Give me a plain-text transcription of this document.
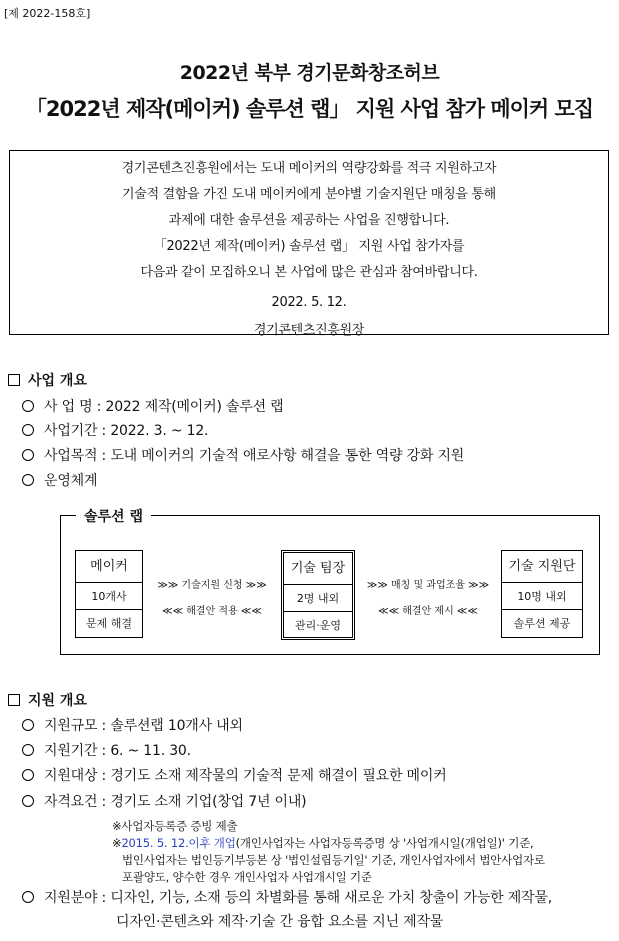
[제 2022-158호]
2022년 북부 경기문화창조허브
「2022년 제작(메이커) 솔루션 랩」 지원 사업 참가 메이커 모집
경기콘텐츠진흥원에서는 도내 메이커의 역량강화를 적극 지원하고자
기술적 결함을 가진 도내 메이커에게 분야별 기술지원단 매칭을 통해
과제에 대한 솔루션을 제공하는 사업을 진행합니다.
「2022년 제작(메이커) 솔루션 랩」 지원 사업 참가자를
다음과 같이 모집하오니 본 사업에 많은 관심과 참여바랍니다.
2022. 5. 12.
경기콘텐츠진흥원장
사업 개요
사 업 명 : 2022 제작(메이커) 솔루션 랩
사업기간 : 2022. 3. ~ 12.
사업목적 : 도내 메이커의 기술적 애로사항 해결을 통한 역량 강화 지원
운영체계
솔루션 랩
메이커
10개사
문제 해결
≫≫ 기술지원 신청 ≫≫
≪≪ 해결안 적용 ≪≪
기술 팀장
2명 내외
관리·운영
≫≫ 매칭 및 과업조율 ≫≫
≪≪ 해결안 제시 ≪≪
기술 지원단
10명 내외
솔루션 제공
지원 개요
지원규모 : 솔루션랩 10개사 내외
지원기간 : 6. ~ 11. 30.
지원대상 : 경기도 소재 제작물의 기술적 문제 해결이 필요한 메이커
자격요건 : 경기도 소재 기업(창업 7년 이내)
※사업자등록증 증빙 제출
※2015. 5. 12.이후 개업(개인사업자는 사업자등록증명 상 '사업개시일(개업일)' 기준,
법인사업자는 법인등기부등본 상 '법인설립등기일' 기준, 개인사업자에서 법안사업자로
포괄양도, 양수한 경우 개인사업자 사업개시일 기준
지원분야 : 디자인, 기능, 소재 등의 차별화를 통해 새로운 가치 창출이 가능한 제작물,
디자인·콘텐츠와 제작·기술 간 융합 요소를 지닌 제작물
